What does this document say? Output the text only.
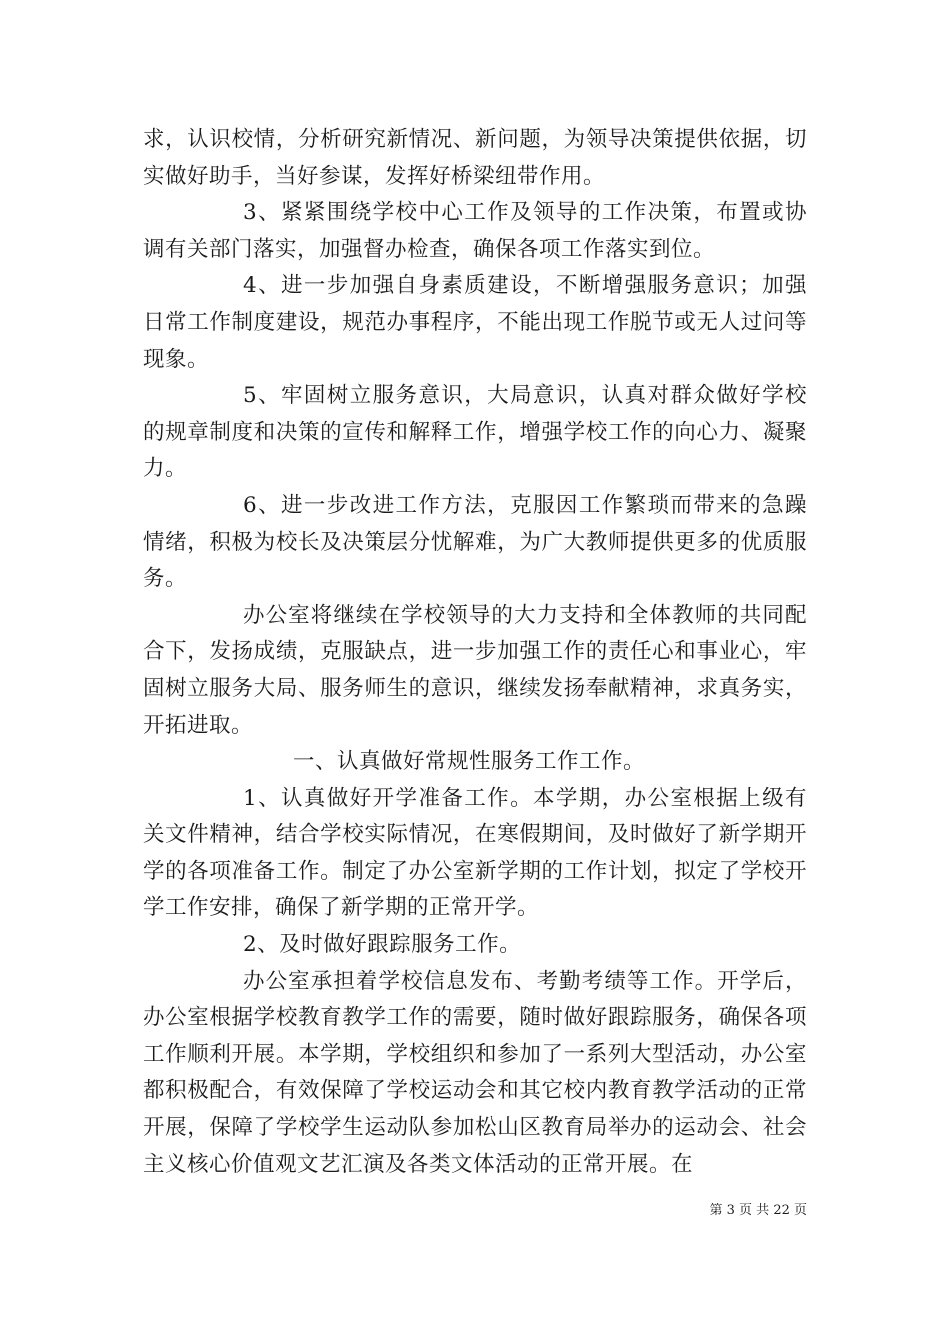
求，认识校情，分析研究新情况、新问题，为领导决策提供依据，切实做好助手，当好参谋，发挥好桥梁纽带作用。

3、紧紧围绕学校中心工作及领导的工作决策，布置或协调有关部门落实，加强督办检查，确保各项工作落实到位。

4、进一步加强自身素质建设，不断增强服务意识；加强日常工作制度建设，规范办事程序，不能出现工作脱节或无人过问等现象。

5、牢固树立服务意识，大局意识，认真对群众做好学校的规章制度和决策的宣传和解释工作，增强学校工作的向心力、凝聚力。

6、进一步改进工作方法，克服因工作繁琐而带来的急躁情绪，积极为校长及决策层分忧解难，为广大教师提供更多的优质服务。

办公室将继续在学校领导的大力支持和全体教师的共同配合下，发扬成绩，克服缺点，进一步加强工作的责任心和事业心，牢固树立服务大局、服务师生的意识，继续发扬奉献精神，求真务实，开拓进取。

一、认真做好常规性服务工作工作。

1、认真做好开学准备工作。本学期，办公室根据上级有关文件精神，结合学校实际情况，在寒假期间，及时做好了新学期开学的各项准备工作。制定了办公室新学期的工作计划，拟定了学校开学工作安排，确保了新学期的正常开学。

2、及时做好跟踪服务工作。

办公室承担着学校信息发布、考勤考绩等工作。开学后，办公室根据学校教育教学工作的需要，随时做好跟踪服务，确保各项工作顺利开展。本学期，学校组织和参加了一系列大型活动，办公室都积极配合，有效保障了学校运动会和其它校内教育教学活动的正常开展，保障了学校学生运动队参加松山区教育局举办的运动会、社会主义核心价值观文艺汇演及各类文体活动的正常开展。在

第 3 页 共 22 页
